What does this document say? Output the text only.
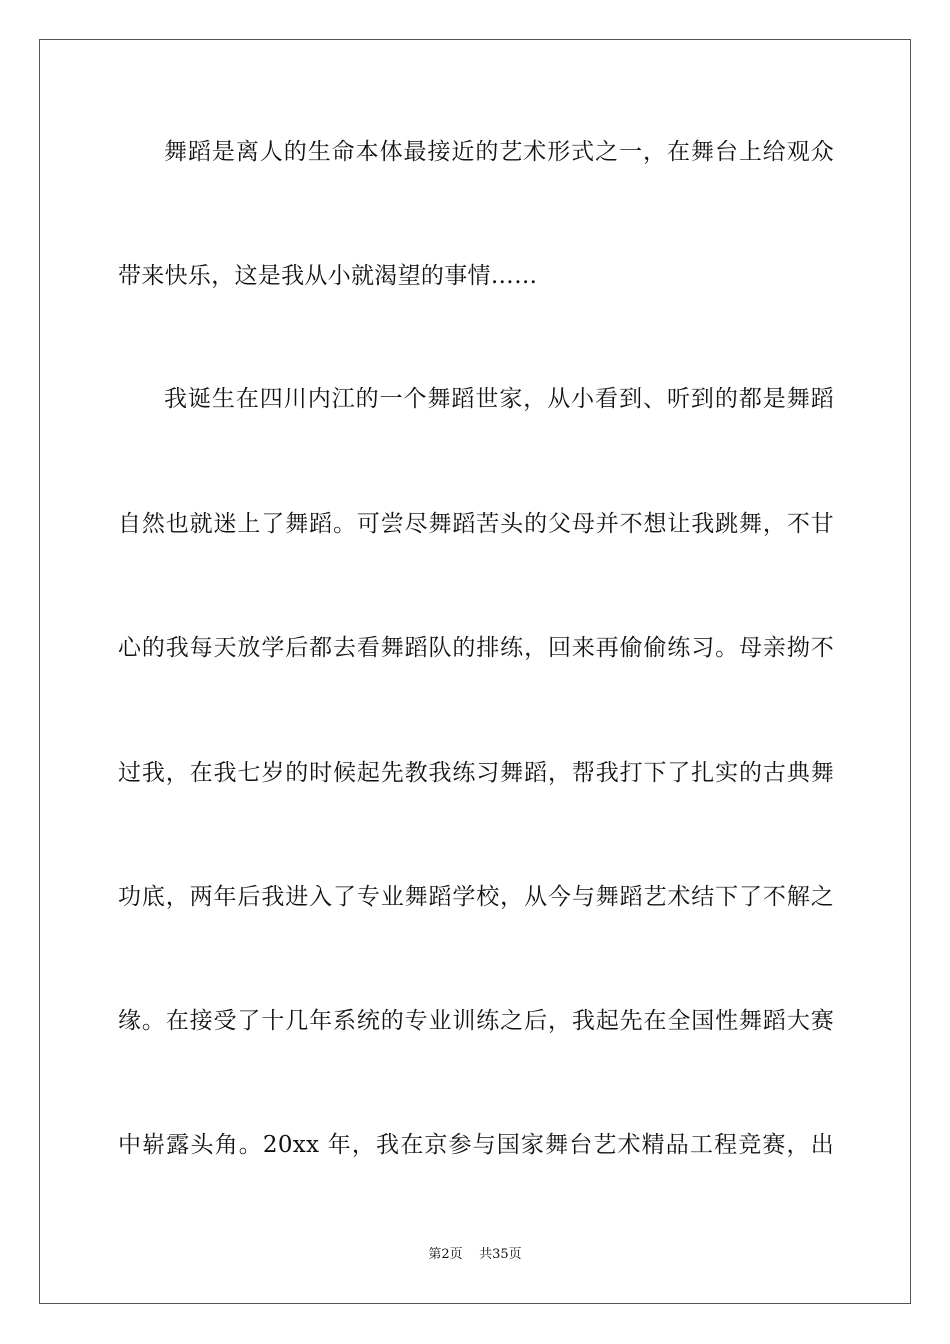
舞蹈是离人的生命本体最接近的艺术形式之一，在舞台上给观众

带来快乐，这是我从小就渴望的事情……

我诞生在四川内江的一个舞蹈世家，从小看到、听到的都是舞蹈

自然也就迷上了舞蹈。可尝尽舞蹈苦头的父母并不想让我跳舞，不甘

心的我每天放学后都去看舞蹈队的排练，回来再偷偷练习。母亲拗不

过我，在我七岁的时候起先教我练习舞蹈，帮我打下了扎实的古典舞

功底，两年后我进入了专业舞蹈学校，从今与舞蹈艺术结下了不解之

缘。在接受了十几年系统的专业训练之后，我起先在全国性舞蹈大赛

中崭露头角。20xx 年，我在京参与国家舞台艺术精品工程竞赛，出

第2页 共35页
